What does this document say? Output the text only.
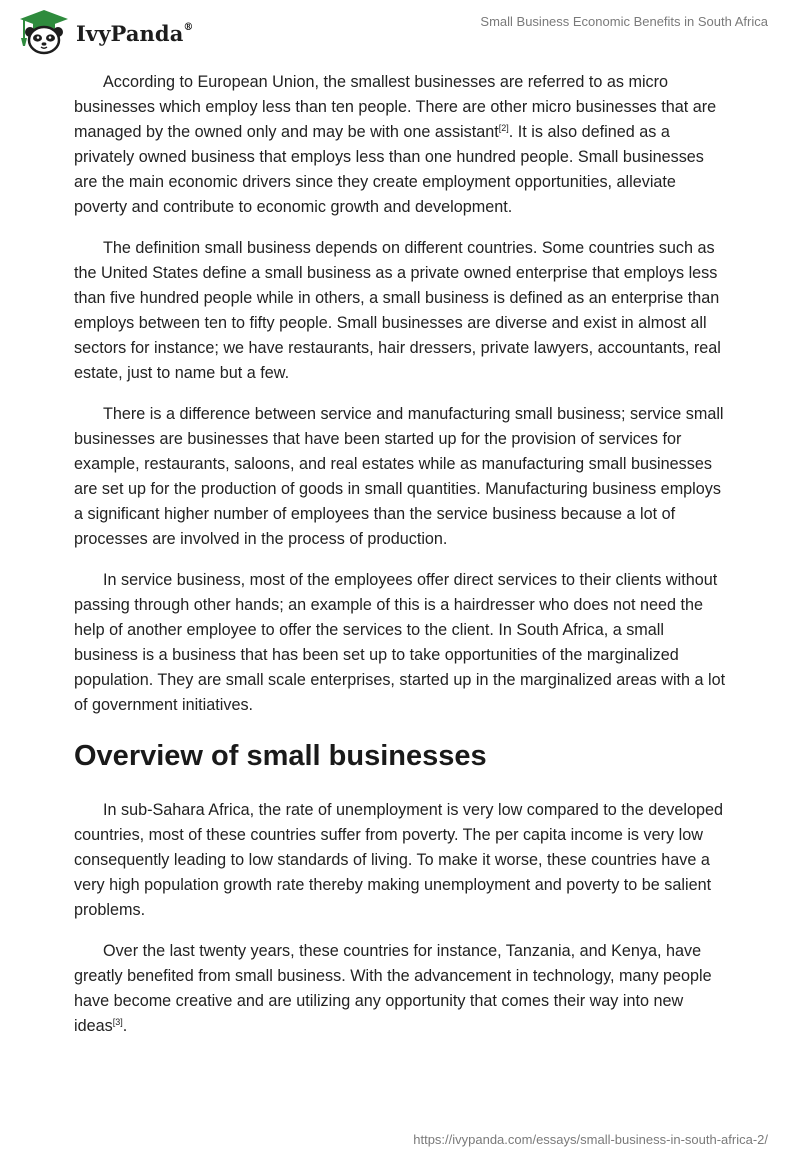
IvyPanda®	Small Business Economic Benefits in South Africa

According to European Union, the smallest businesses are referred to as micro businesses which employ less than ten people. There are other micro businesses that are managed by the owned only and may be with one assistant[2]. It is also defined as a privately owned business that employs less than one hundred people. Small businesses are the main economic drivers since they create employment opportunities, alleviate poverty and contribute to economic growth and development.

The definition small business depends on different countries. Some countries such as the United States define a small business as a private owned enterprise that employs less than five hundred people while in others, a small business is defined as an enterprise than employs between ten to fifty people. Small businesses are diverse and exist in almost all sectors for instance; we have restaurants, hair dressers, private lawyers, accountants, real estate, just to name but a few.

There is a difference between service and manufacturing small business; service small businesses are businesses that have been started up for the provision of services for example, restaurants, saloons, and real estates while as manufacturing small businesses are set up for the production of goods in small quantities. Manufacturing business employs a significant higher number of employees than the service business because a lot of processes are involved in the process of production.

In service business, most of the employees offer direct services to their clients without passing through other hands; an example of this is a hairdresser who does not need the help of another employee to offer the services to the client. In South Africa, a small business is a business that has been set up to take opportunities of the marginalized population. They are small scale enterprises, started up in the marginalized areas with a lot of government initiatives.

Overview of small businesses

In sub-Sahara Africa, the rate of unemployment is very low compared to the developed countries, most of these countries suffer from poverty. The per capita income is very low consequently leading to low standards of living. To make it worse, these countries have a very high population growth rate thereby making unemployment and poverty to be salient problems.

Over the last twenty years, these countries for instance, Tanzania, and Kenya, have greatly benefited from small business. With the advancement in technology, many people have become creative and are utilizing any opportunity that comes their way into new ideas[3].

https://ivypanda.com/essays/small-business-in-south-africa-2/
